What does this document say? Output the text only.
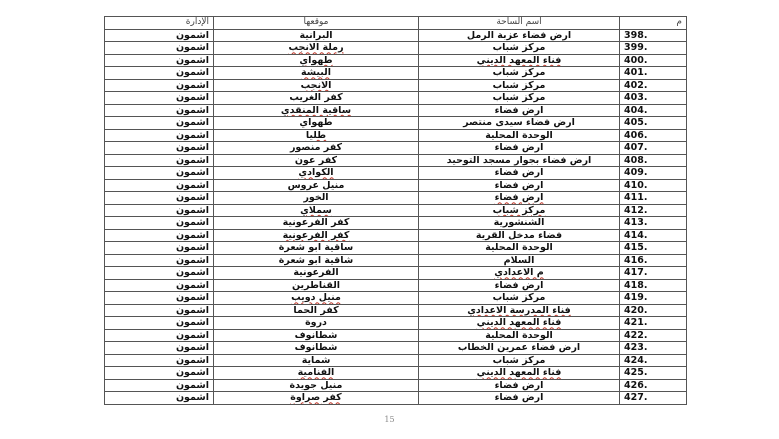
م	اسم الساحة	موقعها	الإدارة
398.	ارض فضاء عزبة الرمل	البرانية	اشمون
399.	مركز شباب	رملة الانجب	اشمون
400.	فناء المعهد الديني	طهواي	اشمون
401.	مركز شباب	البيشة	اشمون
402.	مركز شباب	الانجب	اشمون
403.	مركز شباب	كفر الغريب	اشمون
404.	ارض فضاء	ساقية المنقدي	اشمون
405.	ارض فضاء سيدى منتصر	طهواي	اشمون
406.	الوحدة المحلية	طليا	اشمون
407.	ارض فضاء	كفر منصور	اشمون
408.	ارض فضاء بجوار مسجد التوحيد	كفر عون	اشمون
409.	ارض فضاء	الكوادي	اشمون
410.	ارض فضاء	منيل عروس	اشمون
411.	ارض فضاء	الخور	اشمون
412.	مركز شباب	سملاي	اشمون
413.	الشنشورية	كفر الفرعونية	اشمون
414.	فضاء مدخل القرية	كفر الفرعونية	اشمون
415.	الوحدة المحلية	ساقية ابو شعرة	اشمون
416.	السلام	شاقية ابو شعرة	اشمون
417.	م الاعدادي	الفرعونية	اشمون
418.	ارض فضاء	القناطرين	اشمون
419.	مركز شباب	منيل دويب	اشمون
420.	فناء المدرسة الاعدادي	كفر الحما	اشمون
421.	فناء المعهد الديني	دروة	اشمون
422.	الوحدة المحلية	شطانوف	اشمون
423.	ارض فضاء عمرين الخطاب	شطانوف	اشمون
424.	مركز شباب	شماية	اشمون
425.	فناء المعهد الديني	الفنامية	اشمون
426.	ارض فضاء	منيل جويدة	اشمون
427.	ارض فضاء	كفر صراوة	اشمون
15
